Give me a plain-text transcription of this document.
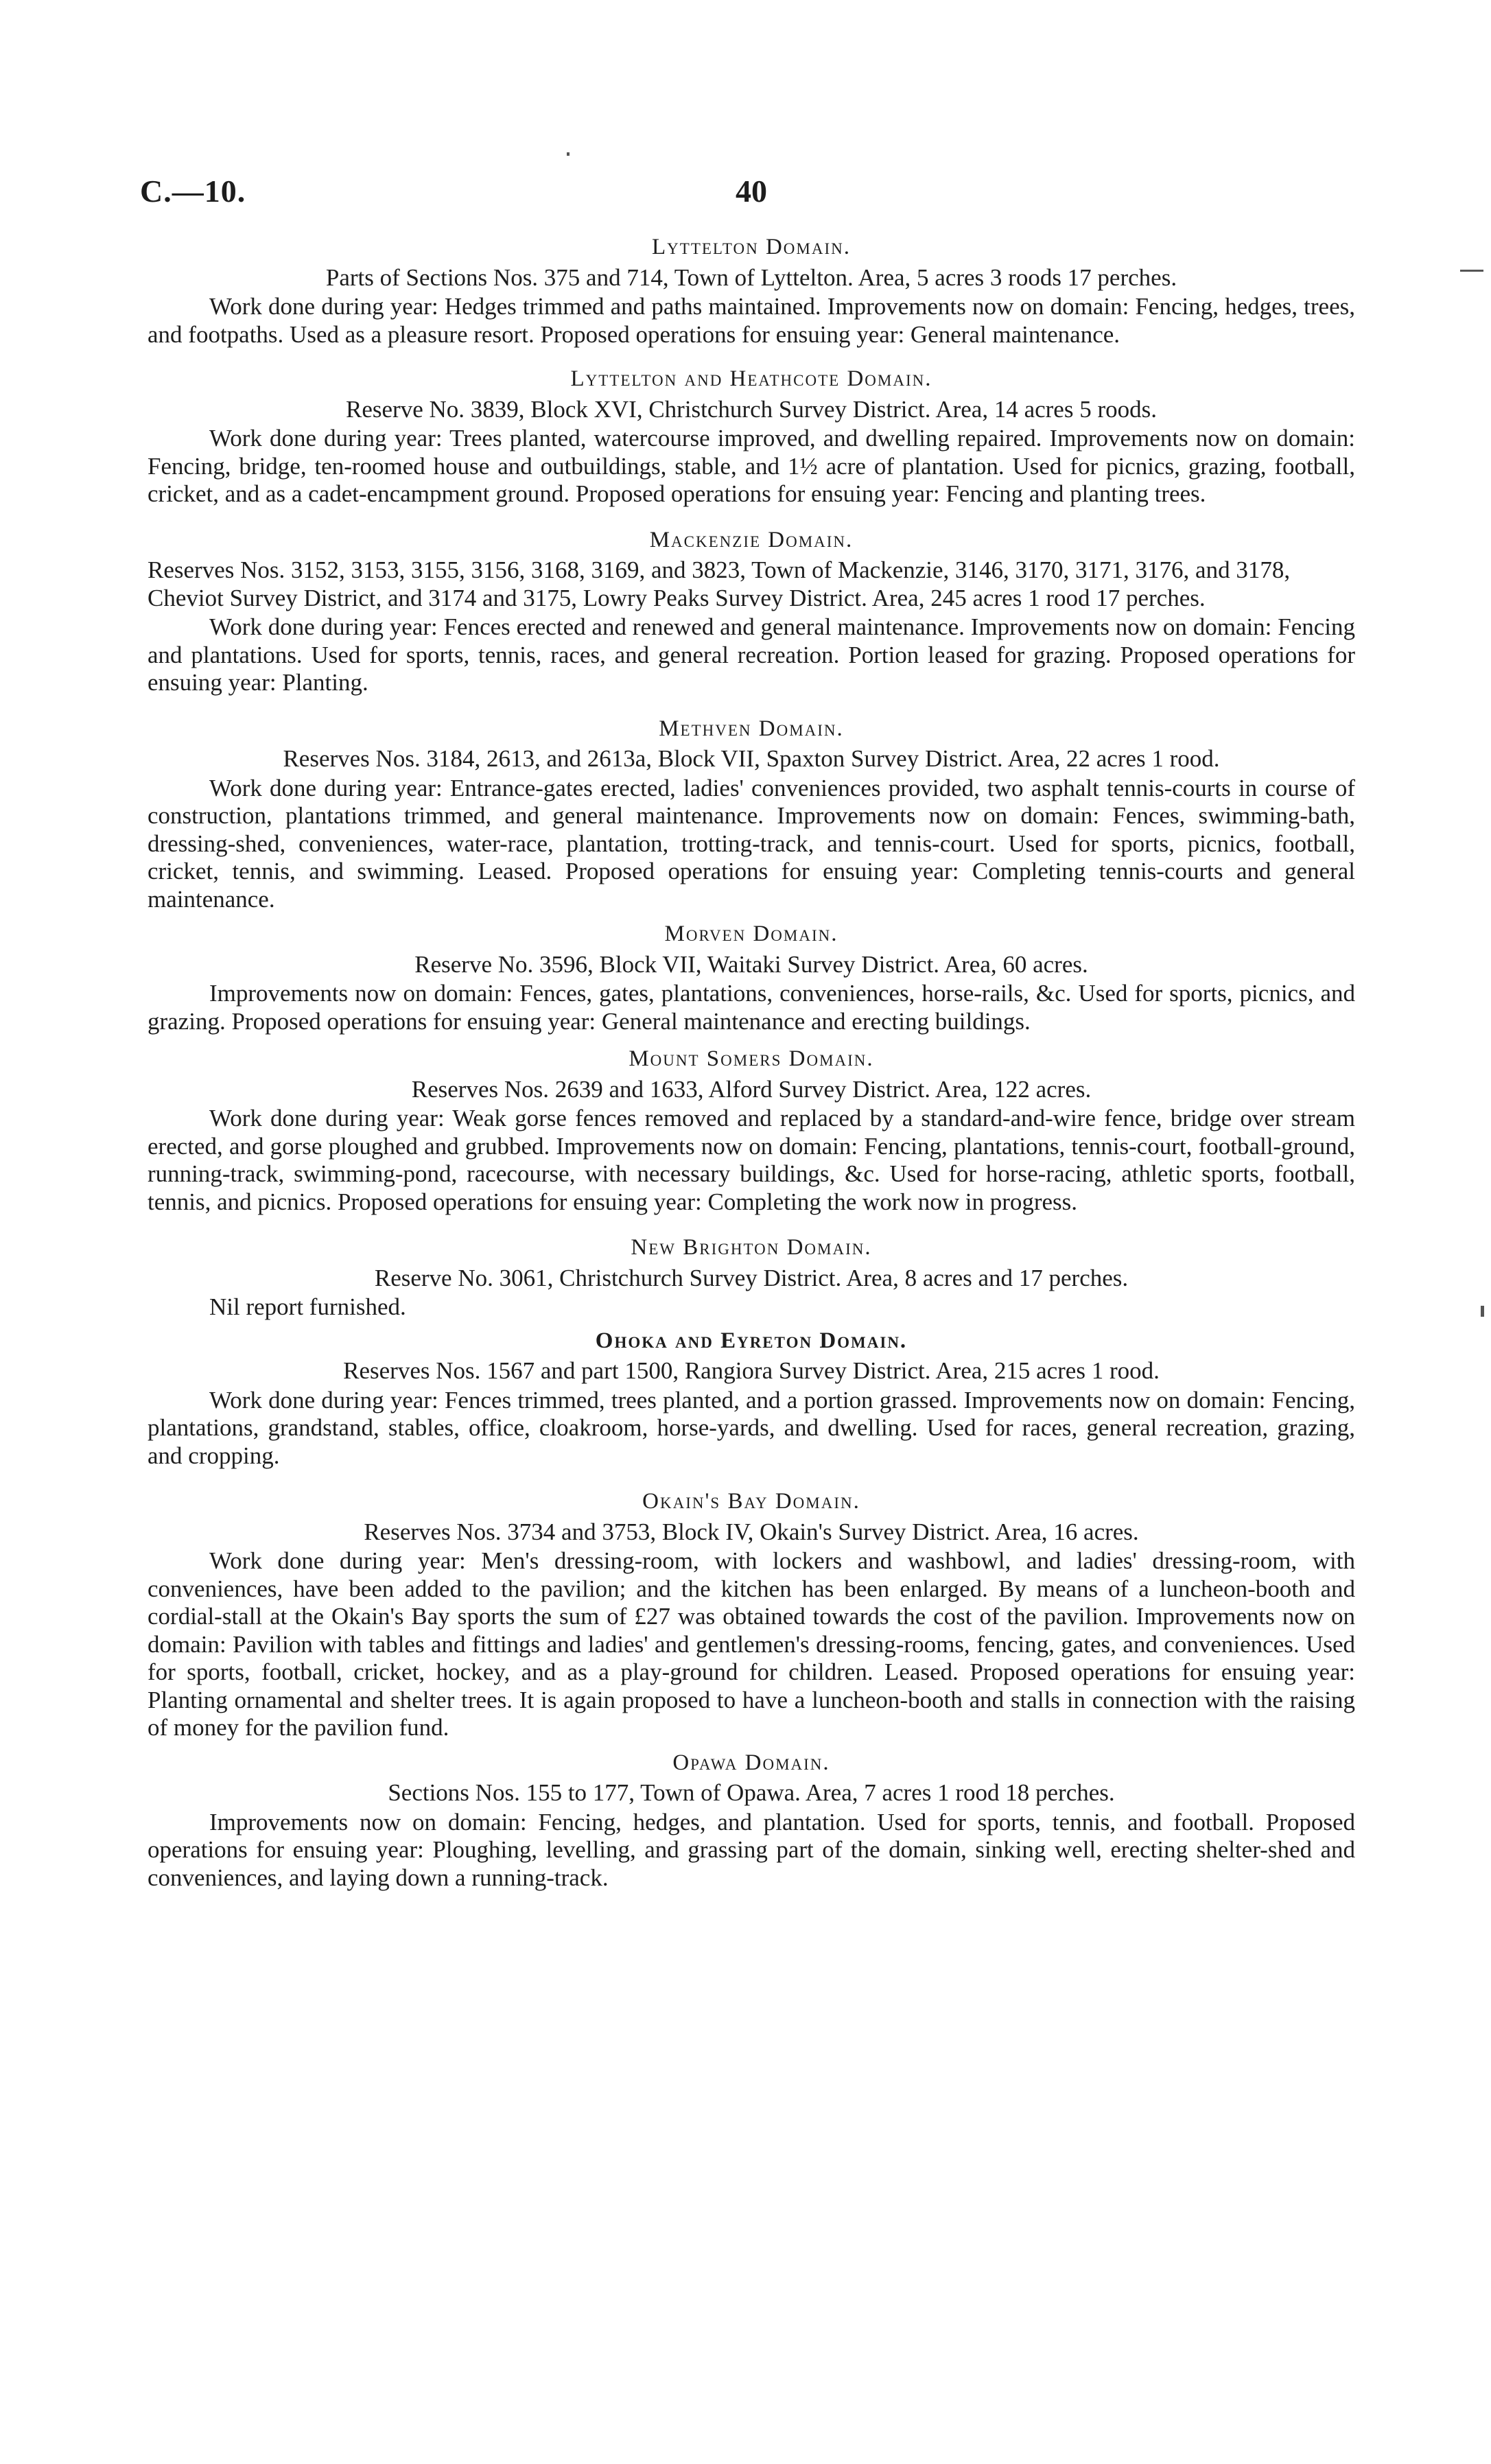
C.—10.	40
Lyttelton Domain.

Parts of Sections Nos. 375 and 714, Town of Lyttelton. Area, 5 acres 3 roods 17 perches.

Work done during year: Hedges trimmed and paths maintained. Improvements now on domain: Fencing, hedges, trees, and footpaths. Used as a pleasure resort. Proposed operations for ensuing year: General maintenance.

Lyttelton and Heathcote Domain.

Reserve No. 3839, Block XVI, Christchurch Survey District. Area, 14 acres 5 roods.

Work done during year: Trees planted, watercourse improved, and dwelling repaired. Improvements now on domain: Fencing, bridge, ten-roomed house and outbuildings, stable, and 1½ acre of plantation. Used for picnics, grazing, football, cricket, and as a cadet-encampment ground. Proposed operations for ensuing year: Fencing and planting trees.

Mackenzie Domain.

Reserves Nos. 3152, 3153, 3155, 3156, 3168, 3169, and 3823, Town of Mackenzie, 3146, 3170, 3171, 3176, and 3178, Cheviot Survey District, and 3174 and 3175, Lowry Peaks Survey District. Area, 245 acres 1 rood 17 perches.

Work done during year: Fences erected and renewed and general maintenance. Improvements now on domain: Fencing and plantations. Used for sports, tennis, races, and general recreation. Portion leased for grazing. Proposed operations for ensuing year: Planting.

Methven Domain.

Reserves Nos. 3184, 2613, and 2613a, Block VII, Spaxton Survey District. Area, 22 acres 1 rood.

Work done during year: Entrance-gates erected, ladies' conveniences provided, two asphalt tennis-courts in course of construction, plantations trimmed, and general maintenance. Improvements now on domain: Fences, swimming-bath, dressing-shed, conveniences, water-race, plantation, trotting-track, and tennis-court. Used for sports, picnics, football, cricket, tennis, and swimming. Leased. Proposed operations for ensuing year: Completing tennis-courts and general maintenance.

Morven Domain.

Reserve No. 3596, Block VII, Waitaki Survey District. Area, 60 acres.

Improvements now on domain: Fences, gates, plantations, conveniences, horse-rails, &c. Used for sports, picnics, and grazing. Proposed operations for ensuing year: General maintenance and erecting buildings.

Mount Somers Domain.

Reserves Nos. 2639 and 1633, Alford Survey District. Area, 122 acres.

Work done during year: Weak gorse fences removed and replaced by a standard-and-wire fence, bridge over stream erected, and gorse ploughed and grubbed. Improvements now on domain: Fencing, plantations, tennis-court, football-ground, running-track, swimming-pond, racecourse, with necessary buildings, &c. Used for horse-racing, athletic sports, football, tennis, and picnics. Proposed operations for ensuing year: Completing the work now in progress.

New Brighton Domain.

Reserve No. 3061, Christchurch Survey District. Area, 8 acres and 17 perches.

Nil report furnished.

Ohoka and Eyreton Domain.

Reserves Nos. 1567 and part 1500, Rangiora Survey District. Area, 215 acres 1 rood.

Work done during year: Fences trimmed, trees planted, and a portion grassed. Improvements now on domain: Fencing, plantations, grandstand, stables, office, cloakroom, horse-yards, and dwelling. Used for races, general recreation, grazing, and cropping.

Okain's Bay Domain.

Reserves Nos. 3734 and 3753, Block IV, Okain's Survey District. Area, 16 acres.

Work done during year: Men's dressing-room, with lockers and washbowl, and ladies' dressing-room, with conveniences, have been added to the pavilion; and the kitchen has been enlarged. By means of a luncheon-booth and cordial-stall at the Okain's Bay sports the sum of £27 was obtained towards the cost of the pavilion. Improvements now on domain: Pavilion with tables and fittings and ladies' and gentlemen's dressing-rooms, fencing, gates, and conveniences. Used for sports, football, cricket, hockey, and as a play-ground for children. Leased. Proposed operations for ensuing year: Planting ornamental and shelter trees. It is again proposed to have a luncheon-booth and stalls in connection with the raising of money for the pavilion fund.

Opawa Domain.

Sections Nos. 155 to 177, Town of Opawa. Area, 7 acres 1 rood 18 perches.

Improvements now on domain: Fencing, hedges, and plantation. Used for sports, tennis, and football. Proposed operations for ensuing year: Ploughing, levelling, and grassing part of the domain, sinking well, erecting shelter-shed and conveniences, and laying down a running-track.
